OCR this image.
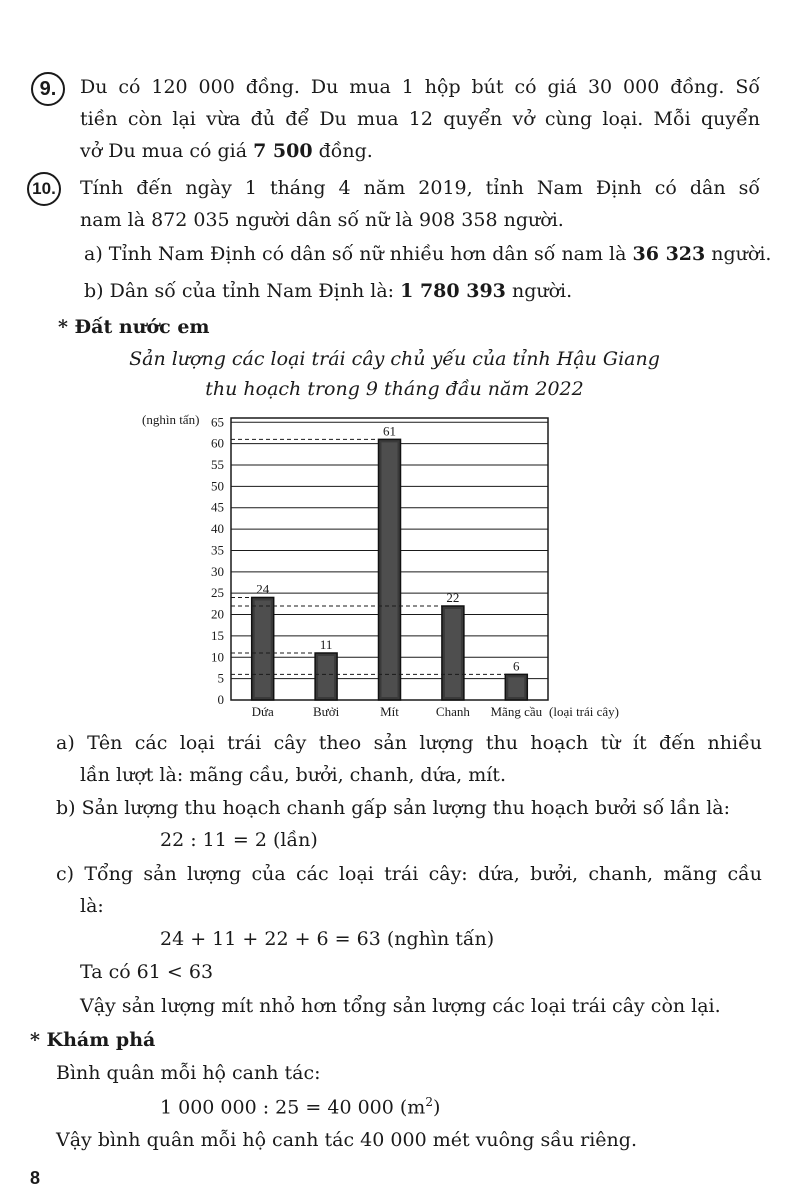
9.	Du có 120 000 đồng. Du mua 1 hộp bút có giá 30 000 đồng. Số
tiền còn lại vừa đủ để Du mua 12 quyển vở cùng loại. Mỗi quyển
vở Du mua có giá 7 500 đồng.
10. Tính đến ngày 1 tháng 4 năm 2019, tỉnh Nam Định có dân số
nam là 872 035 người dân số nữ là 908 358 người.
a) Tỉnh Nam Định có dân số nữ nhiều hơn dân số nam là 36 323 người.
b) Dân số của tỉnh Nam Định là: 1 780 393 người.
* Đất nước em
Sản lượng các loại trái cây chủ yếu của tỉnh Hậu Giang
thu hoạch trong 9 tháng đầu năm 2022
(nghìn tấn)
(loại trái cây)
0
5
10
15
20
25
30
35
40
45
50
55
60
65
24
Dứa
11
Bưởi
61
Mít
22
Chanh
6
Mãng cầu
a) Tên các loại trái cây theo sản lượng thu hoạch từ ít đến nhiều
lần lượt là: mãng cầu, bưởi, chanh, dứa, mít.
b) Sản lượng thu hoạch chanh gấp sản lượng thu hoạch bưởi số lần là:
22 : 11 = 2 (lần)
c) Tổng sản lượng của các loại trái cây: dứa, bưởi, chanh, mãng cầu
là:
24 + 11 + 22 + 6 = 63 (nghìn tấn)
Ta có 61 < 63
Vậy sản lượng mít nhỏ hơn tổng sản lượng các loại trái cây còn lại.
* Khám phá
Bình quân mỗi hộ canh tác:
1 000 000 : 25 = 40 000 $(m^2)$
Vậy bình quân mỗi hộ canh tác 40 000 mét vuông sầu riêng.
8
